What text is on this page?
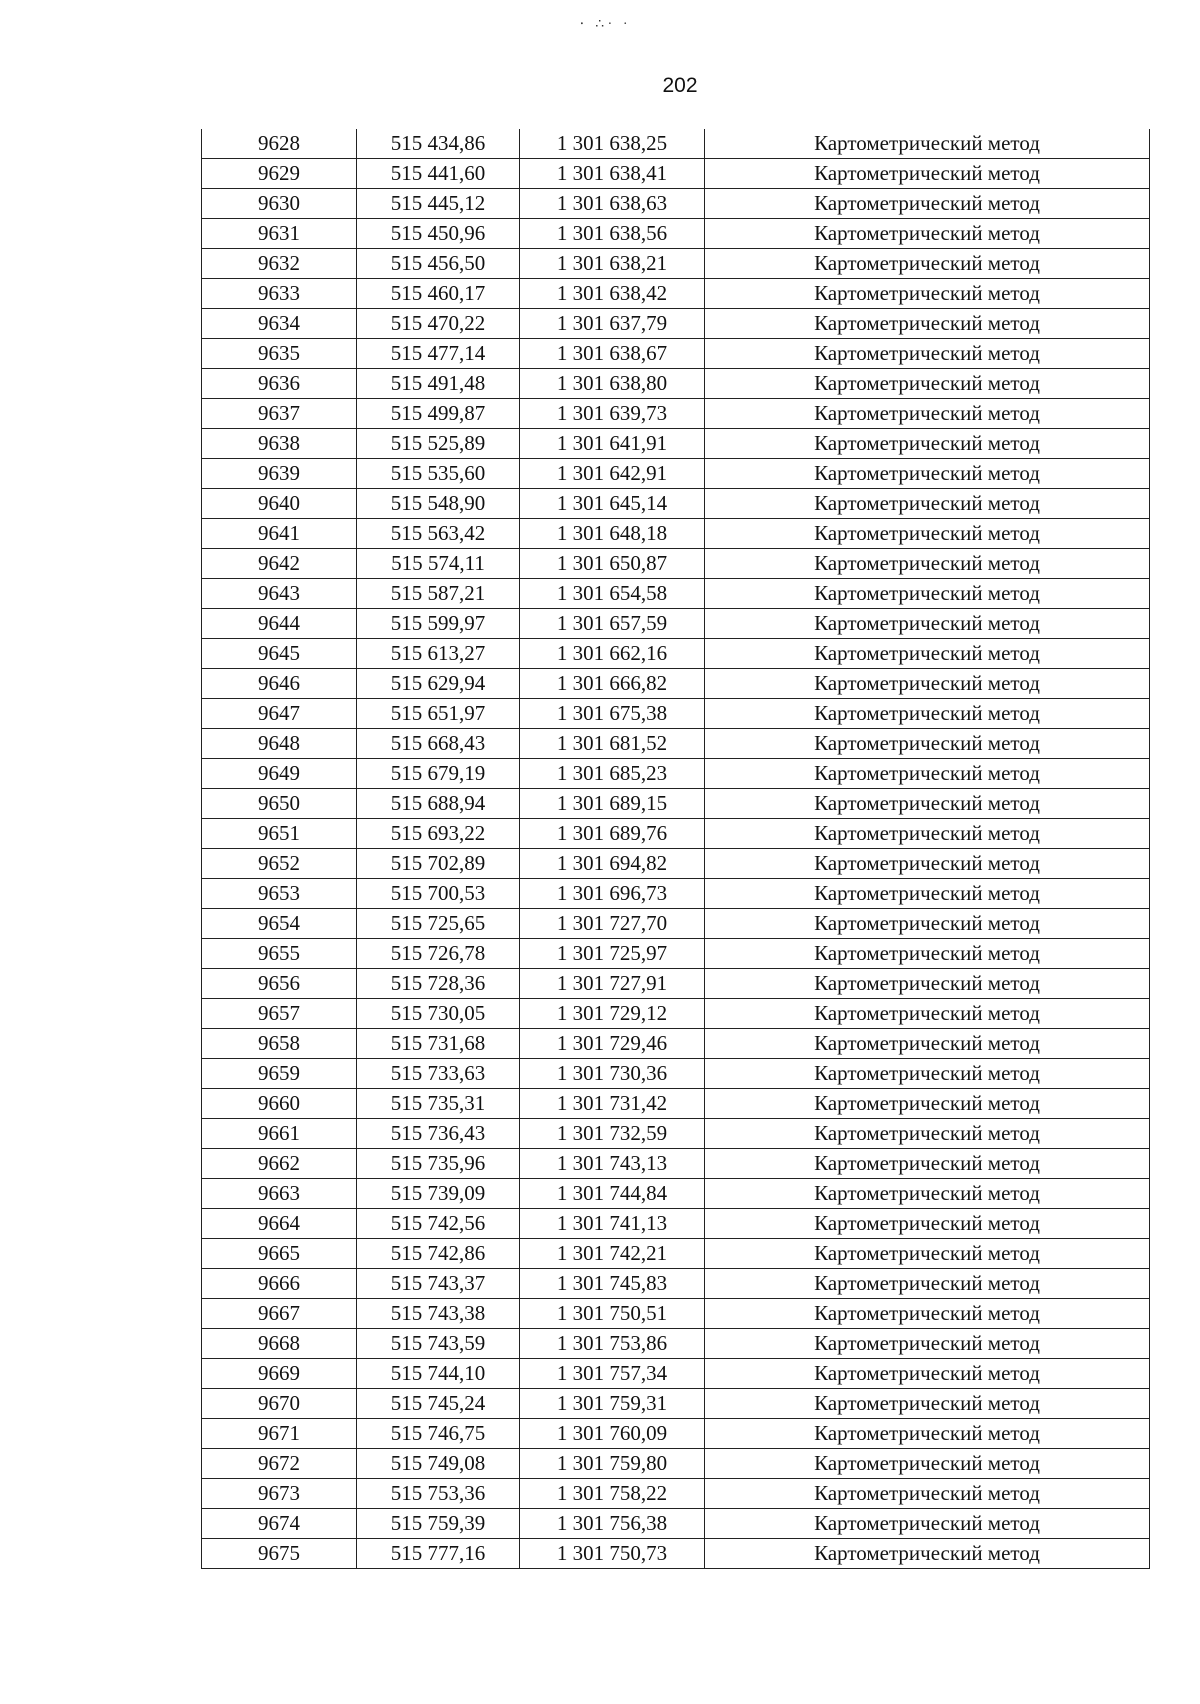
⸱ ∴· ·
202
9628	515 434,86	1 301 638,25	Картометрический метод
9629	515 441,60	1 301 638,41	Картометрический метод
9630	515 445,12	1 301 638,63	Картометрический метод
9631	515 450,96	1 301 638,56	Картометрический метод
9632	515 456,50	1 301 638,21	Картометрический метод
9633	515 460,17	1 301 638,42	Картометрический метод
9634	515 470,22	1 301 637,79	Картометрический метод
9635	515 477,14	1 301 638,67	Картометрический метод
9636	515 491,48	1 301 638,80	Картометрический метод
9637	515 499,87	1 301 639,73	Картометрический метод
9638	515 525,89	1 301 641,91	Картометрический метод
9639	515 535,60	1 301 642,91	Картометрический метод
9640	515 548,90	1 301 645,14	Картометрический метод
9641	515 563,42	1 301 648,18	Картометрический метод
9642	515 574,11	1 301 650,87	Картометрический метод
9643	515 587,21	1 301 654,58	Картометрический метод
9644	515 599,97	1 301 657,59	Картометрический метод
9645	515 613,27	1 301 662,16	Картометрический метод
9646	515 629,94	1 301 666,82	Картометрический метод
9647	515 651,97	1 301 675,38	Картометрический метод
9648	515 668,43	1 301 681,52	Картометрический метод
9649	515 679,19	1 301 685,23	Картометрический метод
9650	515 688,94	1 301 689,15	Картометрический метод
9651	515 693,22	1 301 689,76	Картометрический метод
9652	515 702,89	1 301 694,82	Картометрический метод
9653	515 700,53	1 301 696,73	Картометрический метод
9654	515 725,65	1 301 727,70	Картометрический метод
9655	515 726,78	1 301 725,97	Картометрический метод
9656	515 728,36	1 301 727,91	Картометрический метод
9657	515 730,05	1 301 729,12	Картометрический метод
9658	515 731,68	1 301 729,46	Картометрический метод
9659	515 733,63	1 301 730,36	Картометрический метод
9660	515 735,31	1 301 731,42	Картометрический метод
9661	515 736,43	1 301 732,59	Картометрический метод
9662	515 735,96	1 301 743,13	Картометрический метод
9663	515 739,09	1 301 744,84	Картометрический метод
9664	515 742,56	1 301 741,13	Картометрический метод
9665	515 742,86	1 301 742,21	Картометрический метод
9666	515 743,37	1 301 745,83	Картометрический метод
9667	515 743,38	1 301 750,51	Картометрический метод
9668	515 743,59	1 301 753,86	Картометрический метод
9669	515 744,10	1 301 757,34	Картометрический метод
9670	515 745,24	1 301 759,31	Картометрический метод
9671	515 746,75	1 301 760,09	Картометрический метод
9672	515 749,08	1 301 759,80	Картометрический метод
9673	515 753,36	1 301 758,22	Картометрический метод
9674	515 759,39	1 301 756,38	Картометрический метод
9675	515 777,16	1 301 750,73	Картометрический метод
